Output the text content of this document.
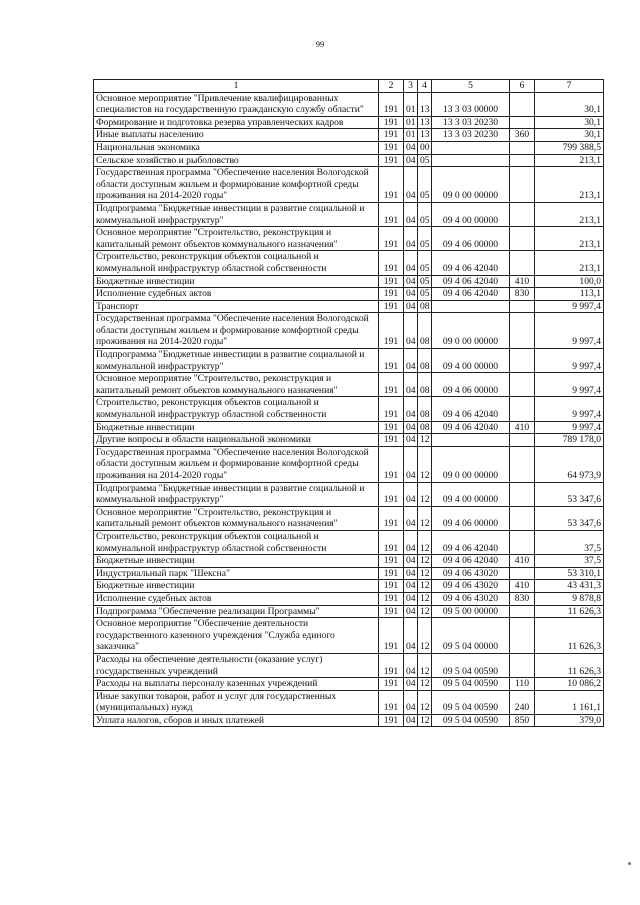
99
1	2	3	4	5	6	7
Основное мероприятие "Привлечение квалифицированных специалистов на государственную гражданскую службу области"	191	01	13	13 3 03 00000		30,1
Формирование и подготовка резерва управленческих кадров	191	01	13	13 3 03 20230		30,1
Иные выплаты населению	191	01	13	13 3 03 20230	360	30,1
Национальная экономика	191	04	00			799 388,5
Сельское хозяйство и рыболовство	191	04	05			213,1
Государственная программа "Обеспечение населения Вологодской области доступным жильем и формирование комфортной среды проживания на 2014-2020 годы"	191	04	05	09 0 00 00000		213,1
Подпрограмма "Бюджетные инвестиции в развитие социальной и коммунальной инфраструктур"	191	04	05	09 4 00 00000		213,1
Основное мероприятие "Строительство, реконструкция и капитальный ремонт объектов коммунального назначения"	191	04	05	09 4 06 00000		213,1
Строительство, реконструкция объектов социальной и коммунальной инфраструктур областной собственности	191	04	05	09 4 06 42040		213,1
Бюджетные инвестиции	191	04	05	09 4 06 42040	410	100,0
Исполнение судебных актов	191	04	05	09 4 06 42040	830	113,1
Транспорт	191	04	08			9 997,4
Государственная программа "Обеспечение населения Вологодской области доступным жильем и формирование комфортной среды проживания на 2014-2020 годы"	191	04	08	09 0 00 00000		9 997,4
Подпрограмма "Бюджетные инвестиции в развитие социальной и коммунальной инфраструктур"	191	04	08	09 4 00 00000		9 997,4
Основное мероприятие "Строительство, реконструкция и капитальный ремонт объектов коммунального назначения"	191	04	08	09 4 06 00000		9 997,4
Строительство, реконструкция объектов социальной и коммунальной инфраструктур областной собственности	191	04	08	09 4 06 42040		9 997,4
Бюджетные инвестиции	191	04	08	09 4 06 42040	410	9 997,4
Другие вопросы в области национальной экономики	191	04	12			789 178,0
Государственная программа "Обеспечение населения Вологодской области доступным жильем и формирование комфортной среды проживания на 2014-2020 годы"	191	04	12	09 0 00 00000		64 973,9
Подпрограмма "Бюджетные инвестиции в развитие социальной и коммунальной инфраструктур"	191	04	12	09 4 00 00000		53 347,6
Основное мероприятие "Строительство, реконструкция и капитальный ремонт объектов коммунального назначения"	191	04	12	09 4 06 00000		53 347,6
Строительство, реконструкция объектов социальной и коммунальной инфраструктур областной собственности	191	04	12	09 4 06 42040		37,5
Бюджетные инвестиции	191	04	12	09 4 06 42040	410	37,5
Индустриальный парк "Шексна"	191	04	12	09 4 06 43020		53 310,1
Бюджетные инвестиции	191	04	12	09 4 06 43020	410	43 431,3
Исполнение судебных актов	191	04	12	09 4 06 43020	830	9 878,8
Подпрограмма "Обеспечение реализации Программы"	191	04	12	09 5 00 00000		11 626,3
Основное мероприятие "Обеспечение деятельности государственного казенного учреждения "Служба единого заказчика"	191	04	12	09 5 04 00000		11 626,3
Расходы на обеспечение деятельности (оказание услуг) государственных учреждений	191	04	12	09 5 04 00590		11 626,3
Расходы на выплаты персоналу казенных учреждений	191	04	12	09 5 04 00590	110	10 086,2
Иные закупки товаров, работ и услуг для государственных (муниципальных) нужд	191	04	12	09 5 04 00590	240	1 161,1
Уплата налогов, сборов и иных платежей	191	04	12	09 5 04 00590	850	379,0
